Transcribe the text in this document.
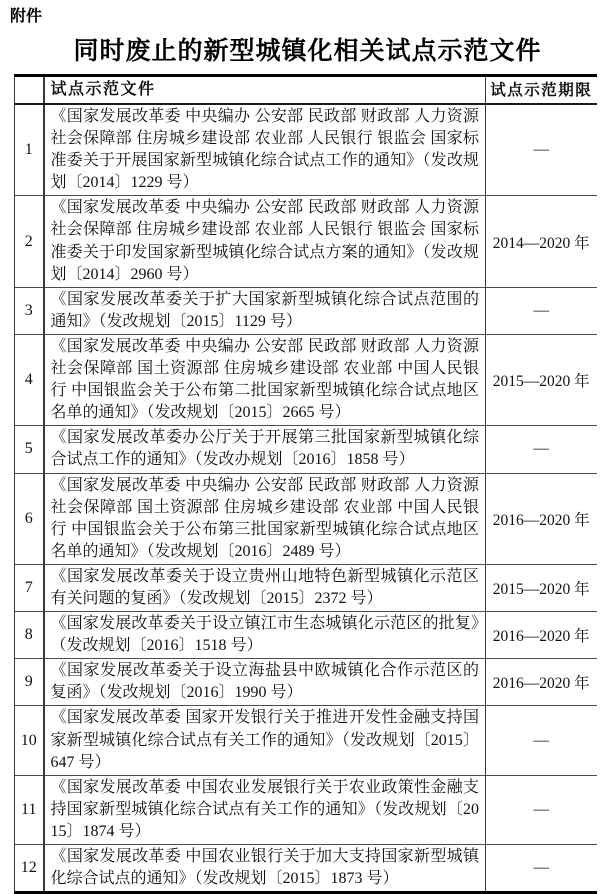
附件
同时废止的新型城镇化相关试点示范文件
	试点示范文件	试点示范期限
1	《国家发展改革委 中央编办 公安部 民政部 财政部 人力资源社会保障部 住房城乡建设部 农业部 人民银行 银监会 国家标准委关于开展国家新型城镇化综合试点工作的通知》（发改规划〔2014〕1229 号）	—
2	《国家发展改革委 中央编办 公安部 民政部 财政部 人力资源社会保障部 住房城乡建设部 农业部 人民银行 银监会 国家标准委关于印发国家新型城镇化综合试点方案的通知》（发改规划〔2014〕2960 号）	2014—2020 年
3	《国家发展改革委关于扩大国家新型城镇化综合试点范围的通知》（发改规划〔2015〕1129 号）	—
4	《国家发展改革委 中央编办 公安部 民政部 财政部 人力资源社会保障部 国土资源部 住房城乡建设部 农业部 中国人民银行 中国银监会关于公布第二批国家新型城镇化综合试点地区名单的通知》（发改规划〔2015〕2665 号）	2015—2020 年
5	《国家发展改革委办公厅关于开展第三批国家新型城镇化综合试点工作的通知》（发改办规划〔2016〕1858 号）	—
6	《国家发展改革委 中央编办 公安部 民政部 财政部 人力资源社会保障部 国土资源部 住房城乡建设部 农业部 中国人民银行 中国银监会关于公布第三批国家新型城镇化综合试点地区名单的通知》（发改规划〔2016〕2489 号）	2016—2020 年
7	《国家发展改革委关于设立贵州山地特色新型城镇化示范区有关问题的复函》（发改规划〔2015〕2372 号）	2015—2020 年
8	《国家发展改革委关于设立镇江市生态城镇化示范区的批复》（发改规划〔2016〕1518 号）	2016—2020 年
9	《国家发展改革委关于设立海盐县中欧城镇化合作示范区的复函》（发改规划〔2016〕1990 号）	2016—2020 年
10	《国家发展改革委 国家开发银行关于推进开发性金融支持国家新型城镇化综合试点有关工作的通知》（发改规划〔2015〕647 号）	—
11	《国家发展改革委 中国农业发展银行关于农业政策性金融支持国家新型城镇化综合试点有关工作的通知》（发改规划〔2015〕1874 号）	—
12	《国家发展改革委 中国农业银行关于加大支持国家新型城镇化综合试点的通知》（发改规划〔2015〕1873 号）	—
